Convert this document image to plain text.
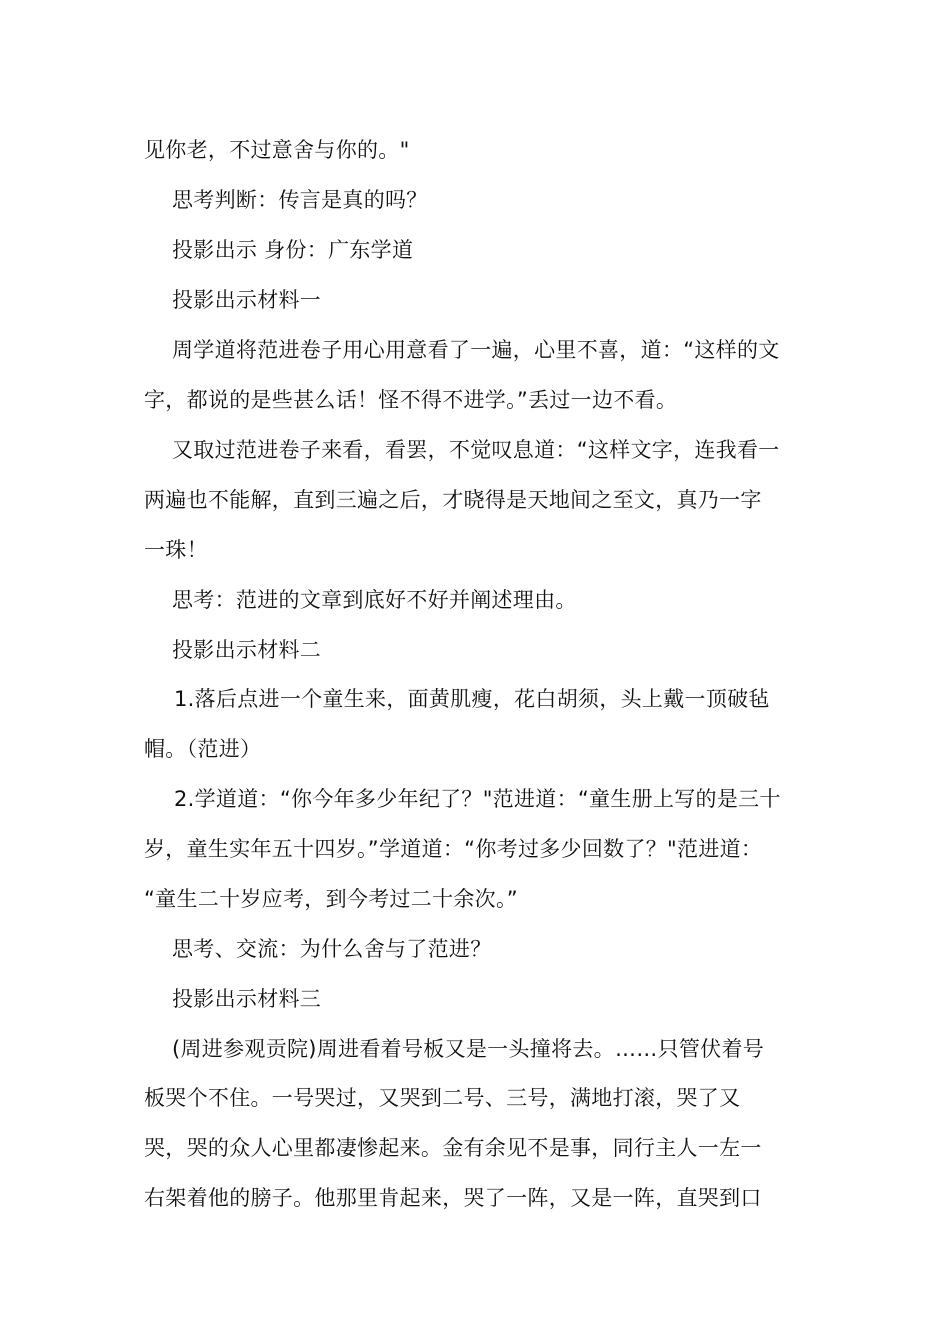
见你老，不过意舍与你的。"
思考判断：传言是真的吗？
投影出示 身份：广东学道
投影出示材料一
周学道将范进卷子用心用意看了一遍，心里不喜，道：“这样的文
字，都说的是些甚么话！怪不得不进学。”丢过一边不看。
又取过范进卷子来看，看罢，不觉叹息道：“这样文字，连我看一
两遍也不能解，直到三遍之后，才晓得是天地间之至文，真乃一字
一珠！
思考：范进的文章到底好不好并阐述理由。
投影出示材料二
1.落后点进一个童生来，面黄肌瘦，花白胡须，头上戴一顶破毡
帽。（范进）
2.学道道：“你今年多少年纪了？"范进道：“童生册上写的是三十
岁，童生实年五十四岁。”学道道：“你考过多少回数了？"范进道：
“童生二十岁应考，到今考过二十余次。”
思考、交流：为什么舍与了范进？
投影出示材料三
(周进参观贡院)周进看着号板又是一头撞将去。……只管伏着号
板哭个不住。一号哭过，又哭到二号、三号，满地打滚，哭了又
哭，哭的众人心里都凄惨起来。金有余见不是事，同行主人一左一
右架着他的膀子。他那里肯起来，哭了一阵，又是一阵，直哭到口
